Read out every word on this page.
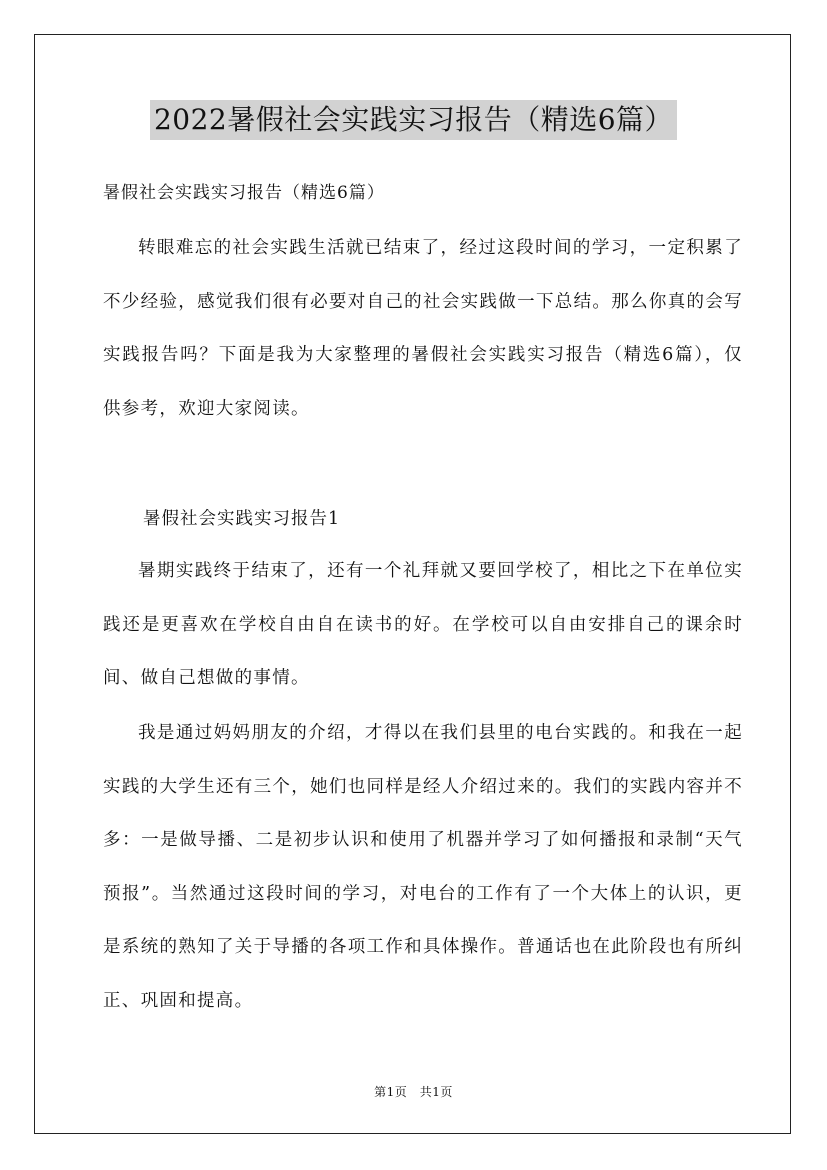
2022暑假社会实践实习报告（精选6篇）
暑假社会实践实习报告（精选6篇）

转眼难忘的社会实践生活就已结束了，经过这段时间的学习，一定积累了不少经验，感觉我们很有必要对自己的社会实践做一下总结。那么你真的会写实践报告吗？下面是我为大家整理的暑假社会实践实习报告（精选6篇），仅供参考，欢迎大家阅读。

暑假社会实践实习报告1

暑期实践终于结束了，还有一个礼拜就又要回学校了，相比之下在单位实践还是更喜欢在学校自由自在读书的好。在学校可以自由安排自己的课余时间、做自己想做的事情。

我是通过妈妈朋友的介绍，才得以在我们县里的电台实践的。和我在一起实践的大学生还有三个，她们也同样是经人介绍过来的。我们的实践内容并不多：一是做导播、二是初步认识和使用了机器并学习了如何播报和录制“天气预报”。当然通过这段时间的学习，对电台的工作有了一个大体上的认识，更是系统的熟知了关于导播的各项工作和具体操作。普通话也在此阶段也有所纠正、巩固和提高。

第1页　共1页
